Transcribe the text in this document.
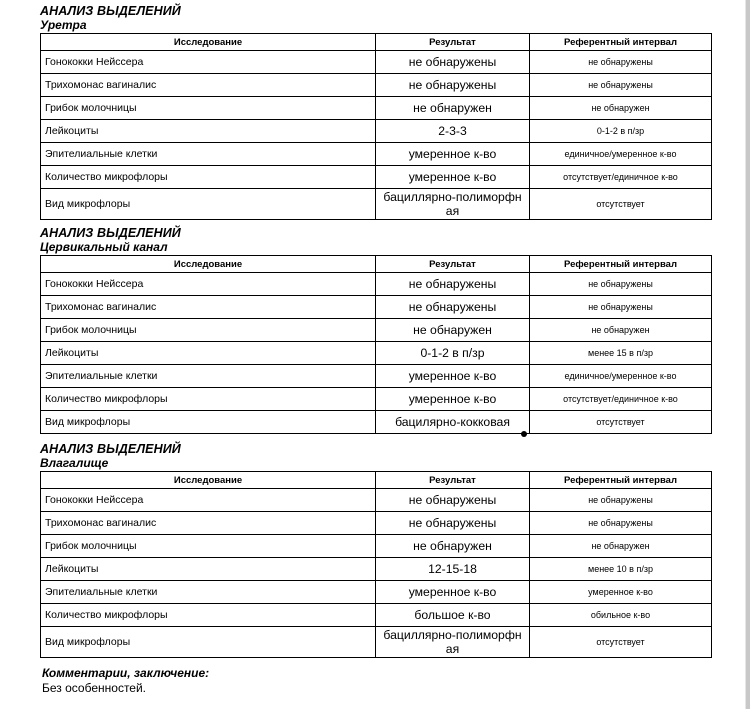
АНАЛИЗ ВЫДЕЛЕНИЙ
Уретра
Исследование	Результат	Референтный интервал
Гонококки Нейссера	не обнаружены	не обнаружены
Трихомонас вагиналис	не обнаружены	не обнаружены
Грибок молочницы	не обнаружен	не обнаружен
Лейкоциты	2-3-3	0-1-2 в п/зр
Эпителиальные клетки	умеренное к-во	единичное/умеренное к-во
Количество микрофлоры	умеренное к-во	отсутствует/единичное к-во
Вид микрофлоры	бациллярно-полиморфн ая	отсутствует
АНАЛИЗ ВЫДЕЛЕНИЙ
Цервикальный канал
Исследование	Результат	Референтный интервал
Гонококки Нейссера	не обнаружены	не обнаружены
Трихомонас вагиналис	не обнаружены	не обнаружены
Грибок молочницы	не обнаружен	не обнаружен
Лейкоциты	0-1-2 в п/зр	менее 15 в п/зр
Эпителиальные клетки	умеренное к-во	единичное/умеренное к-во
Количество микрофлоры	умеренное к-во	отсутствует/единичное к-во
Вид микрофлоры	бацилярно-кокковая	отсутствует
АНАЛИЗ ВЫДЕЛЕНИЙ
Влагалище
Исследование	Результат	Референтный интервал
Гонококки Нейссера	не обнаружены	не обнаружены
Трихомонас вагиналис	не обнаружены	не обнаружены
Грибок молочницы	не обнаружен	не обнаружен
Лейкоциты	12-15-18	менее 10 в п/зр
Эпителиальные клетки	умеренное к-во	умеренное к-во
Количество микрофлоры	большое к-во	обильное к-во
Вид микрофлоры	бациллярно-полиморфн ая	отсутствует
Комментарии, заключение:
Без особенностей.
